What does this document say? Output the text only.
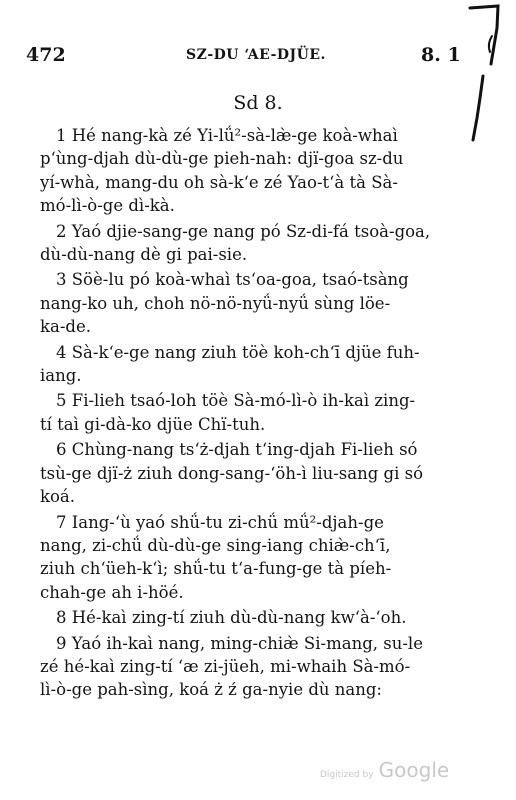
472	SZ-DU ‘AE-DJÜE.	8. 1
Sd 8.
1 Hé nang-kà zé Yi-lǘ²-sà-læ̀-ge koà-whaì
p‘ùng-djah dù-dù-ge pieh-nah: djï-goa sz-du
yí-whà, mang-du oh sà-k‘e zé Yao-t‘à tà Sà-
mó-lì-ò-ge dì-kà.
2 Yaó djie-sang-ge nang pó Sz-di-fá tsoà-goa,
dù-dù-nang dè gi pai-sie.
3 Söè-lu pó koà-whaì ts‘oa-goa, tsaó-tsàng
nang-ko uh, choh nö-nö-nyǘ-nyǘ sùng löe-
ka-de.
4 Sà-k‘e-ge nang ziuh töè koh-ch‘ī djüe fuh-
iang.
5 Fi-lieh tsaó-loh töè Sà-mó-lì-ò ih-kaì zing-
tí taì gi-dà-ko djüe Chï-tuh.
6 Chùng-nang ts‘ż-djah t‘ing-djah Fi-lieh só
tsù-ge djï-ż ziuh dong-sang-‘öh-ì liu-sang gi só
koá.
7 Iang-‘ù yaó shǘ-tu zi-chǘ mǘ²-djah-ge
nang, zi-chǘ dù-dù-ge sing-iang chiæ̀-ch‘ī,
ziuh ch‘üeh-k‘ì; shǘ-tu t‘a-fung-ge tà píeh-
chah-ge ah i-höé.
8 Hé-kaì zing-tí ziuh dù-dù-nang kw‘à-‘oh.
9 Yaó ih-kaì nang, ming-chiæ̀ Si-mang, su-le
zé hé-kaì zing-tí ‘æ zi-jüeh, mi-whaih Sà-mó-
lì-ò-ge pah-sìng, koá ż ź ga-nyie dù nang:
Digitized by Google
